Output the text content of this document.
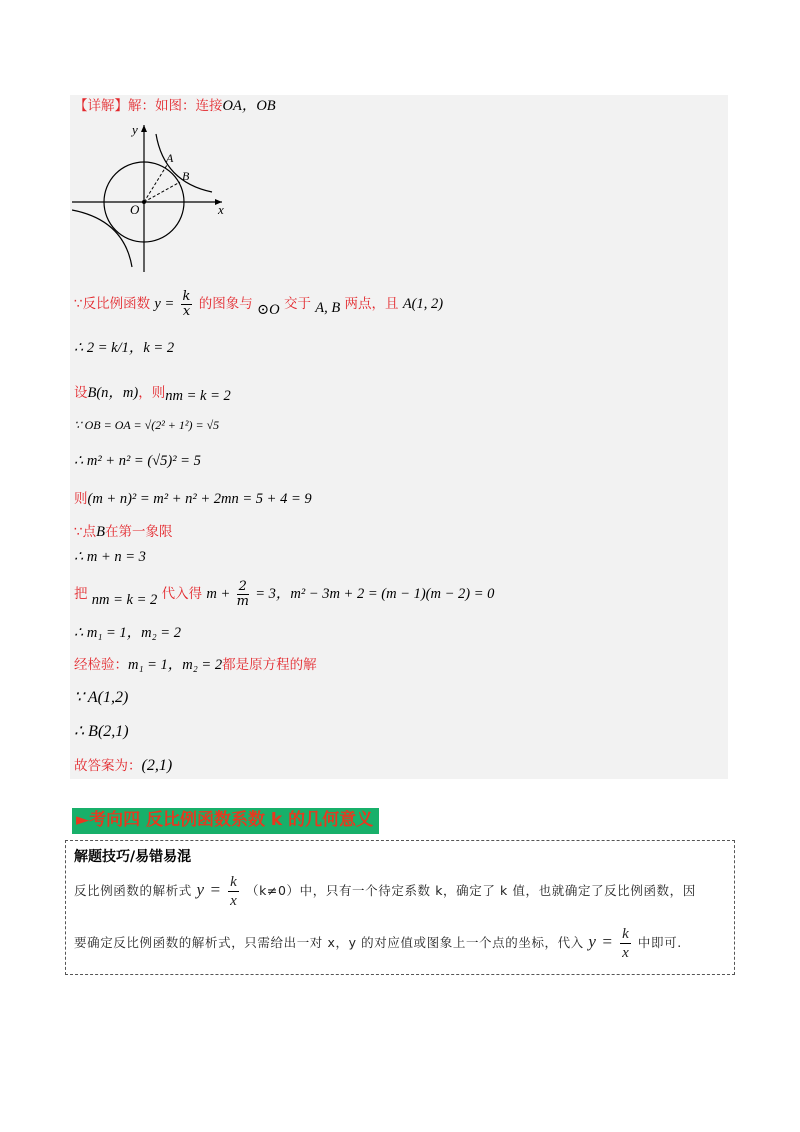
【详解】解：如图：连接OA，OB
y
x
O
A
B
∵反比例函数 $y = \frac{k}{x}$ 的图象与 ⊙O 交于 A, B 两点，且 A(1, 2)
∴ 2 = k/1，k = 2
设B(n，m)，则nm = k = 2
∵ OB = OA = √(2² + 1²) = √5
∴ m² + n² = (√5)² = 5
则(m + n)² = m² + n² + 2mn = 5 + 4 = 9
∵点B在第一象限
∴ m + n = 3
把 nm = k = 2 代入得 $m + \frac{2}{m} = 3$，m² − 3m + 2 = (m − 1)(m − 2) = 0
∴ m₁ = 1，m₂ = 2
经检验：m₁ = 1，m₂ = 2都是原方程的解
∵ A(1,2)
∴ B(2,1)
故答案为：(2,1)
►考向四 反比例函数系数 k 的几何意义
解题技巧/易错易混
反比例函数的解析式 $y = \frac{k}{x} (k\ne 0)$中，只有一个待定系数 k，确定了 k 值，也就确定了反比例函数，因
要确定反比例函数的解析式，只需给出一对 x，y 的对应值或图象上一个点的坐标，代入 $y = \frac{k}{x}$ 中即可.
